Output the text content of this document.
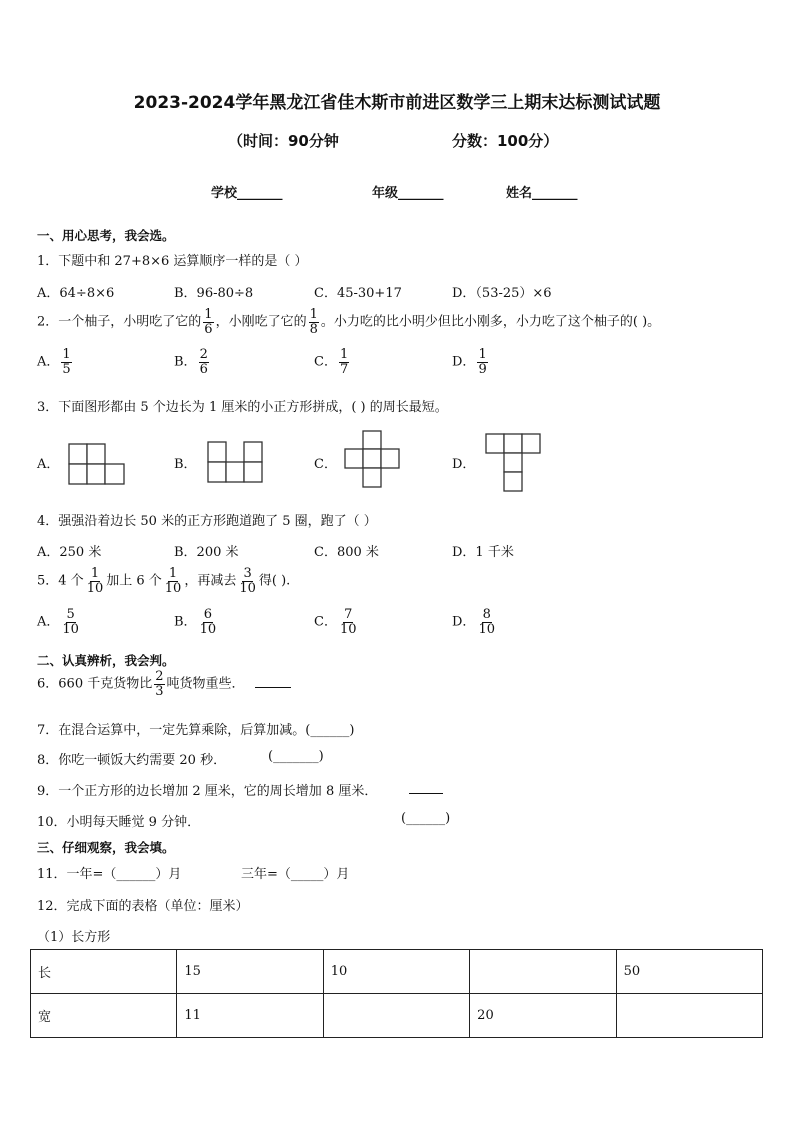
2023-2024学年黑龙江省佳木斯市前进区数学三上期末达标测试试题
（时间：90分钟	分数：100分）
学校_______	年级_______	姓名_______
一、用心思考，我会选。
1．下题中和 27+8×6 运算顺序一样的是（ ）
A．64÷8×6	B．96-80÷8	C．45-30+17	D．（53-25）×6
2．一个柚子，小明吃了它的 $\frac{1}{6}$ ，小刚吃了它的 $\frac{1}{8}$ 。小力吃的比小明少但比小刚多，小力吃了这个柚子的( )。
A． $\frac{1}{5}$	B． $\frac{2}{6}$	C． $\frac{1}{7}$	D． $\frac{1}{9}$
3．下面图形都由 5 个边长为 1 厘米的小正方形拼成，( ) 的周长最短。
A．	B．	C．	D．
4．强强沿着边长 50 米的正方形跑道跑了 5 圈，跑了（ ）
A．250 米	B．200 米	C．800 米	D．1 千米
5．4 个 $\frac{1}{10}$ 加上 6 个 $\frac{1}{10}$ ，再减去 $\frac{3}{10}$ 得( ).
A． $\frac{5}{10}$	B． $\frac{6}{10}$	C． $\frac{7}{10}$	D． $\frac{8}{10}$
二、认真辨析，我会判。
6．660 千克货物比 $\frac{2}{3}$ 吨货物重些．
7．在混合运算中，一定先算乘除，后算加减。(______)
8．你吃一顿饭大约需要 20 秒．	(_______)
9．一个正方形的边长增加 2 厘米，它的周长增加 8 厘米．
10．小明每天睡觉 9 分钟．	(______)
三、仔细观察，我会填。
11．一年=（______）月	三年=（_____）月
12．完成下面的表格（单位：厘米）
（1）长方形
长	15	10		50
宽	11		20	
